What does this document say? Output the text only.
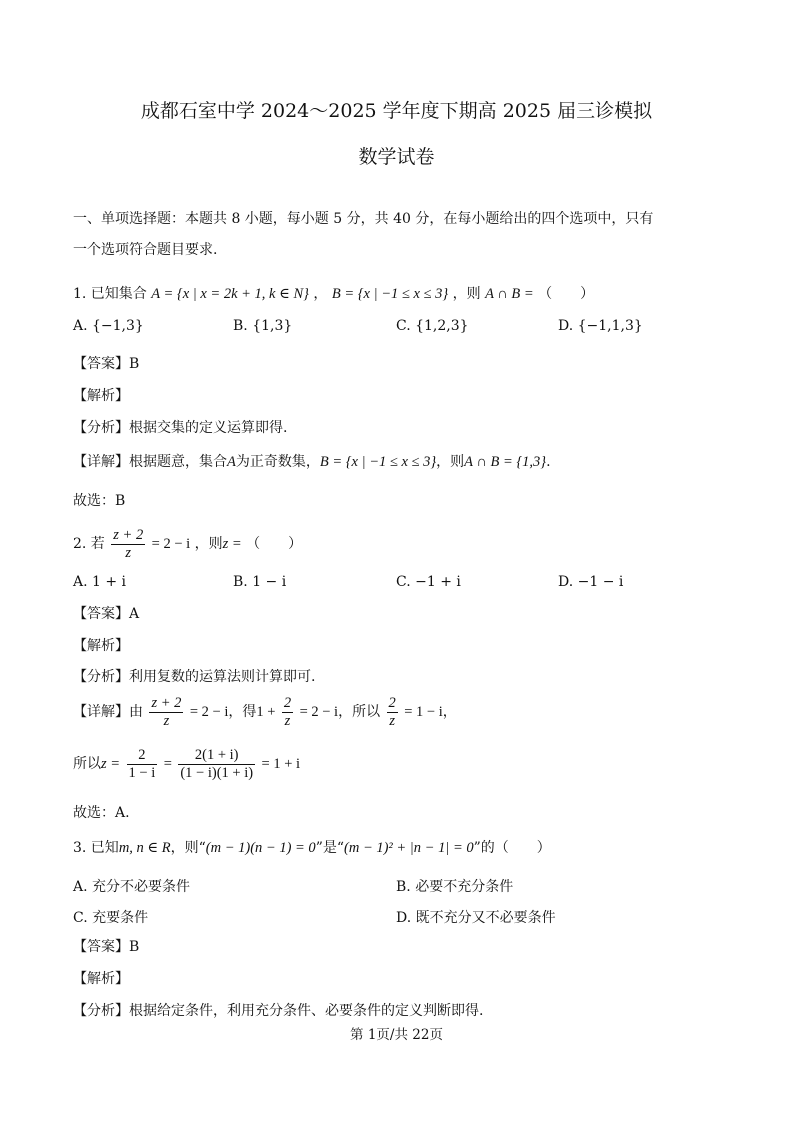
成都石室中学 2024～2025 学年度下期高 2025 届三诊模拟
数学试卷
一、单项选择题：本题共 8 小题，每小题 5 分，共 40 分，在每小题给出的四个选项中，只有
一个选项符合题目要求.
1. 已知集合 A = {x | x = 2k + 1, k ∈ N} ， B = {x | −1 ≤ x ≤ 3} ，则 A ∩ B = （　　）
A. {−1,3}	B. {1,3}	C. {1,2,3}	D. {−1,1,3}
【答案】B
【解析】
【分析】根据交集的定义运算即得.
【详解】根据题意，集合A为正奇数集，B = {x | −1 ≤ x ≤ 3}，则A ∩ B = {1,3}.
故选：B
2. 若 $\frac{z + 2}{z} = 2 - i$ ，则z = （　　）
A. 1 + i	B. 1 − i	C. −1 + i	D. −1 − i
【答案】A
【解析】
【分析】利用复数的运算法则计算即可.
【详解】由 $\frac{z + 2}{z} = 2 - i$，得$1 + \frac{2}{z} = 2 - i$，所以 $\frac{2}{z} = 1 - i$，
所以$z = \frac{2}{1 - i} = \frac{2(1 + i)}{(1 - i)(1 + i)} = 1 + i$
故选：A.
3. 已知m, n ∈ R，则“(m − 1)(n − 1) = 0”是“(m − 1)² + |n − 1| = 0”的（　　）
A. 充分不必要条件	B. 必要不充分条件
C. 充要条件	D. 既不充分又不必要条件
【答案】B
【解析】
【分析】根据给定条件，利用充分条件、必要条件的定义判断即得.
第 1页/共 22页
